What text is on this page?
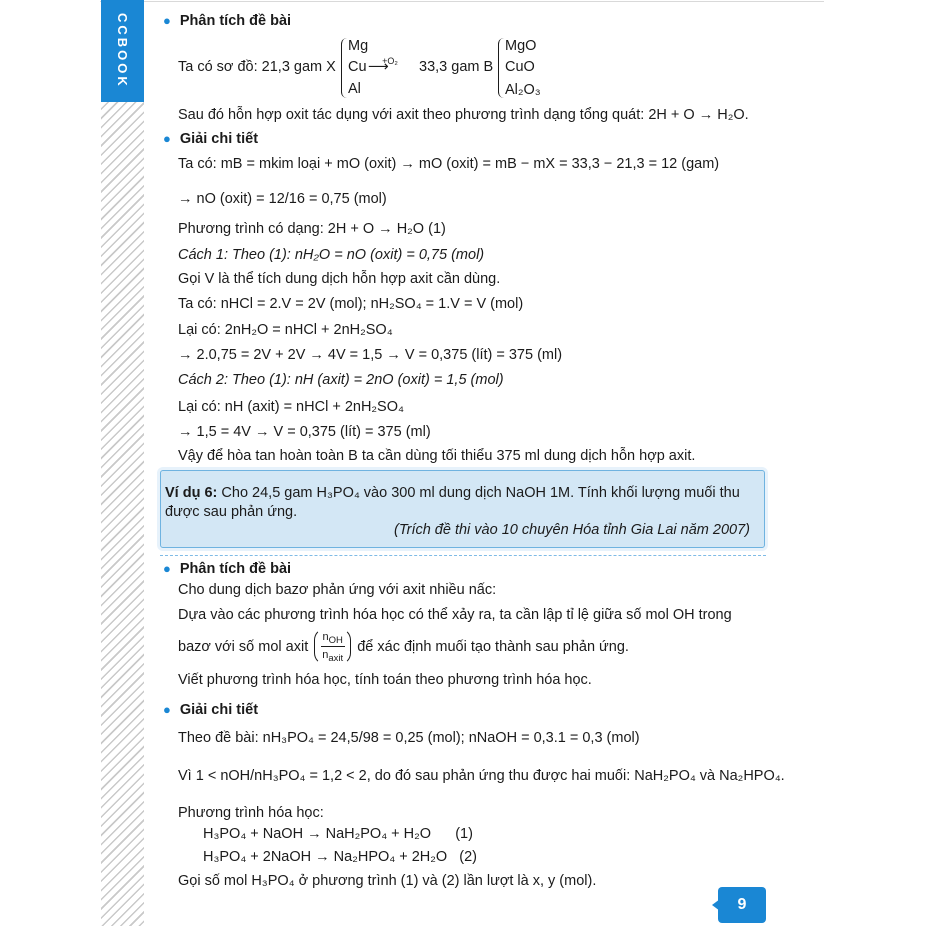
CCBOOK	● Phân tích đề bài
Ta có sơ đồ: 21,3 gam X
Mg
Cu
Al
+O₂
⟶ 33,3 gam B
MgO
CuO
Al₂O₃
Sau đó hỗn hợp oxit tác dụng với axit theo phương trình dạng tổng quát: 2H + O → H₂O.
● Giải chi tiết
Ta có: mB = mkim loại + mO (oxit) → mO (oxit) = mB − mX = 33,3 − 21,3 = 12 (gam)
→ nO (oxit) = 12/16 = 0,75 (mol)
Phương trình có dạng: 2H + O → H₂O (1)
Cách 1: Theo (1): nH₂O = nO (oxit) = 0,75 (mol)
Gọi V là thể tích dung dịch hỗn hợp axit cần dùng.
Ta có: nHCl = 2.V = 2V (mol); nH₂SO₄ = 1.V = V (mol)
Lại có: 2nH₂O = nHCl + 2nH₂SO₄
→ 2.0,75 = 2V + 2V → 4V = 1,5 → V = 0,375 (lít) = 375 (ml)
Cách 2: Theo (1): nH (axit) = 2nO (oxit) = 1,5 (mol)
Lại có: nH (axit) = nHCl + 2nH₂SO₄
→ 1,5 = 4V → V = 0,375 (lít) = 375 (ml)
Vậy để hòa tan hoàn toàn B ta cần dùng tối thiểu 375 ml dung dịch hỗn hợp axit.
Ví dụ 6: Cho 24,5 gam H₃PO₄ vào 300 ml dung dịch NaOH 1M. Tính khối lượng muối thu
được sau phản ứng.
(Trích đề thi vào 10 chuyên Hóa tỉnh Gia Lai năm 2007)
● Phân tích đề bài
Cho dung dịch bazơ phản ứng với axit nhiều nấc:
Dựa vào các phương trình hóa học có thể xảy ra, ta cần lập tỉ lệ giữa số mol OH trong
bazơ với số mol axit $\frac{n_{OH}}{n_{axit}}$ để xác định muối tạo thành sau phản ứng.
Viết phương trình hóa học, tính toán theo phương trình hóa học.
● Giải chi tiết
Theo đề bài: nH₃PO₄ = 24,5/98 = 0,25 (mol); nNaOH = 0,3.1 = 0,3 (mol)
Vì 1 < nOH/nH₃PO₄ = 1,2 < 2, do đó sau phản ứng thu được hai muối: NaH₂PO₄ và Na₂HPO₄.
Phương trình hóa học:
H₃PO₄ + NaOH → NaH₂PO₄ + H₂O      (1)
H₃PO₄ + 2NaOH → Na₂HPO₄ + 2H₂O   (2)
Gọi số mol H₃PO₄ ở phương trình (1) và (2) lần lượt là x, y (mol).
9
